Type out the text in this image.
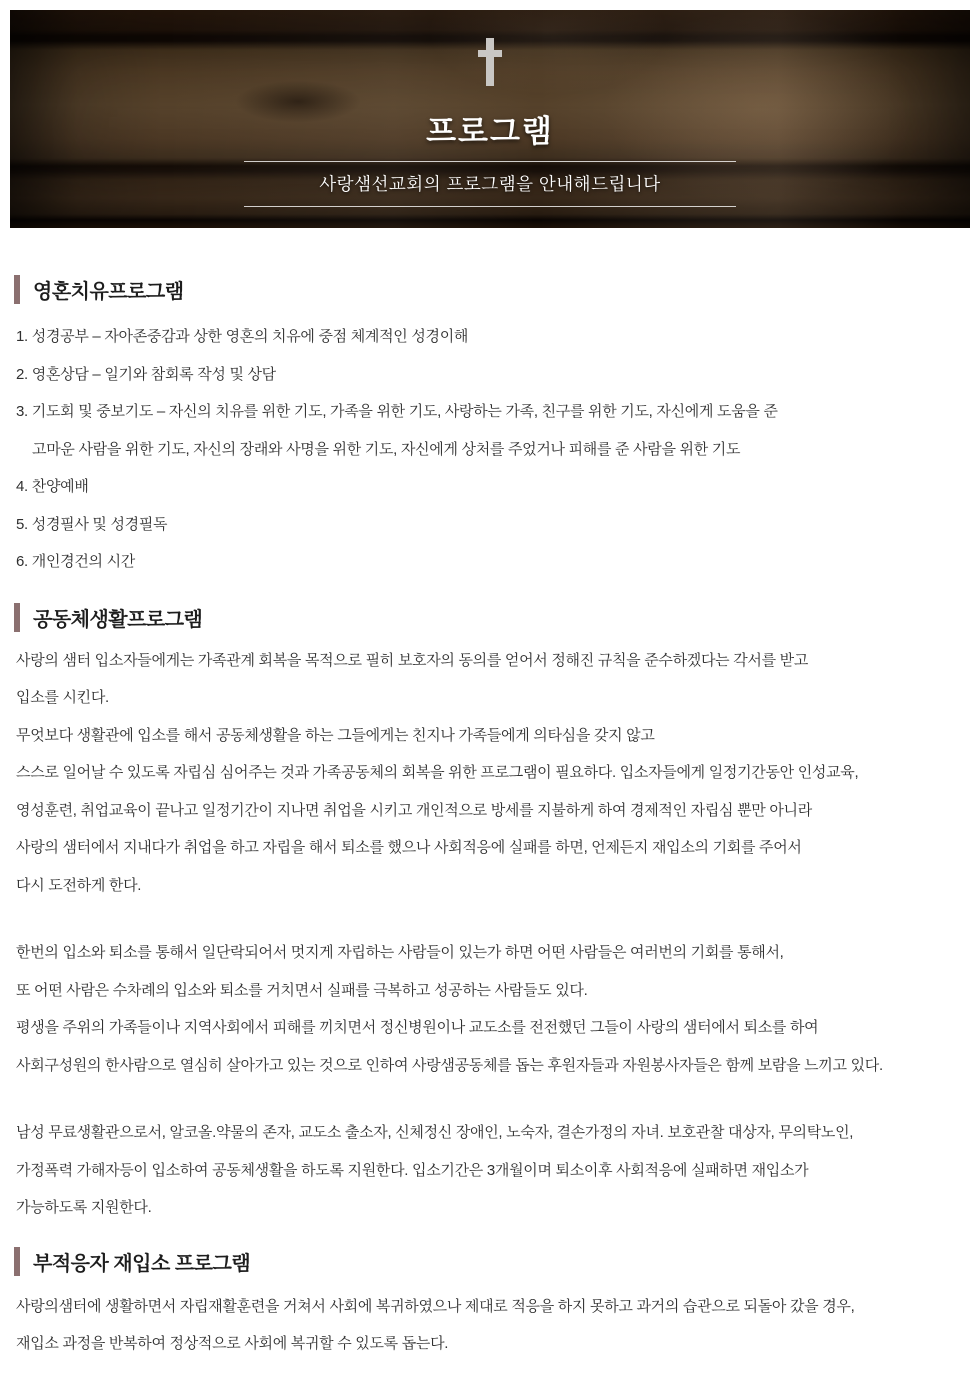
프로그램

사랑샘선교회의 프로그램을 안내해드립니다

영혼치유프로그램

1. 성경공부 – 자아존중감과 상한 영혼의 치유에 중점 체계적인 성경이해

2. 영혼상담 – 일기와 참회록 작성 및 상담

3. 기도회 및 중보기도 – 자신의 치유를 위한 기도, 가족을 위한 기도, 사랑하는 가족, 친구를 위한 기도, 자신에게 도움을 준

고마운 사람을 위한 기도, 자신의 장래와 사명을 위한 기도, 자신에게 상처를 주었거나 피해를 준 사람을 위한 기도

4. 찬양예배

5. 성경필사 및 성경필독

6. 개인경건의 시간

공동체생활프로그램

사랑의 샘터 입소자들에게는 가족관계 회복을 목적으로 필히 보호자의 동의를 얻어서 정해진 규칙을 준수하겠다는 각서를 받고

입소를 시킨다.

무엇보다 생활관에 입소를 해서 공동체생활을 하는 그들에게는 친지나 가족들에게 의타심을 갖지 않고

스스로 일어날 수 있도록 자립심 심어주는 것과 가족공동체의 회복을 위한 프로그램이 필요하다. 입소자들에게 일정기간동안 인성교육,

영성훈련, 취업교육이 끝나고 일정기간이 지나면 취업을 시키고 개인적으로 방세를 지불하게 하여 경제적인 자립심 뿐만 아니라

사랑의 샘터에서 지내다가 취업을 하고 자립을 해서 퇴소를 했으나 사회적응에 실패를 하면, 언제든지 재입소의 기회를 주어서

다시 도전하게 한다.

한번의 입소와 퇴소를 통해서 일단락되어서 멋지게 자립하는 사람들이 있는가 하면 어떤 사람들은 여러번의 기회를 통해서,

또 어떤 사람은 수차례의 입소와 퇴소를 거치면서 실패를 극복하고 성공하는 사람들도 있다.

평생을 주위의 가족들이나 지역사회에서 피해를 끼치면서 정신병원이나 교도소를 전전했던 그들이 사랑의 샘터에서 퇴소를 하여

사회구성원의 한사람으로 열심히 살아가고 있는 것으로 인하여 사랑샘공동체를 돕는 후원자들과 자원봉사자들은 함께 보람을 느끼고 있다.

남성 무료생활관으로서, 알코올.약물의 존자, 교도소 출소자, 신체정신 장애인, 노숙자, 결손가정의 자녀. 보호관찰 대상자, 무의탁노인,

가정폭력 가해자등이 입소하여 공동체생활을 하도록 지원한다. 입소기간은 3개월이며 퇴소이후 사회적응에 실패하면 재입소가

가능하도록 지원한다.

부적응자 재입소 프로그램

사랑의샘터에 생활하면서 자립재활훈련을 거쳐서 사회에 복귀하였으나 제대로 적응을 하지 못하고 과거의 습관으로 되돌아 갔을 경우,

재입소 과정을 반복하여 정상적으로 사회에 복귀할 수 있도록 돕는다.
